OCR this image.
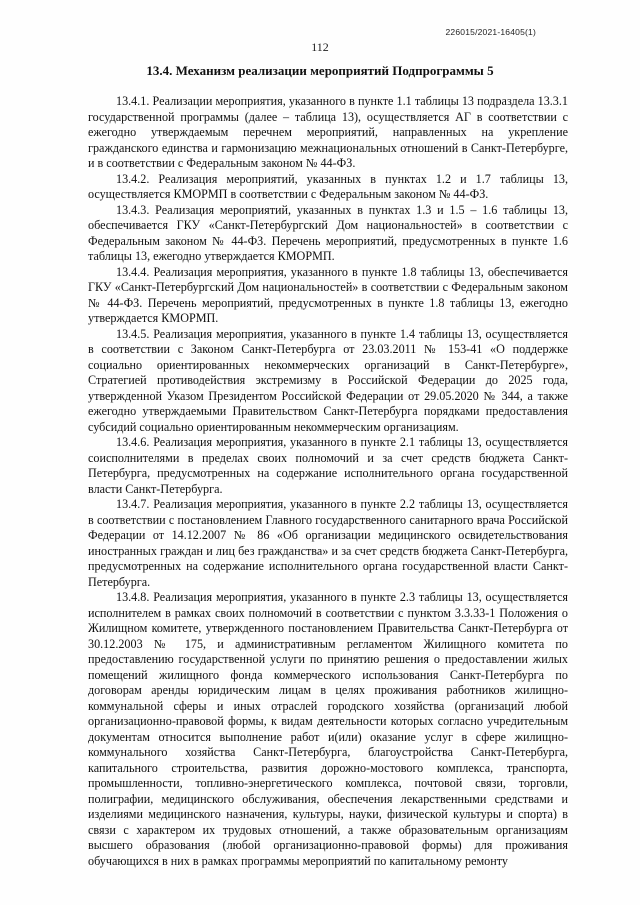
226015/2021-16405(1)
112
13.4. Механизм реализации мероприятий Подпрограммы 5

13.4.1. Реализации мероприятия, указанного в пункте 1.1 таблицы 13 подраздела 13.3.1 государственной программы (далее – таблица 13), осуществляется АГ в соответствии с ежегодно утверждаемым перечнем мероприятий, направленных на укрепление гражданского единства и гармонизацию межнациональных отношений в Санкт-Петербурге, и в соответствии с Федеральным законом № 44-ФЗ.

13.4.2. Реализация мероприятий, указанных в пунктах 1.2 и 1.7 таблицы 13, осуществляется КМОРМП в соответствии с Федеральным законом № 44-ФЗ.

13.4.3. Реализация мероприятий, указанных в пунктах 1.3 и 1.5 – 1.6 таблицы 13, обеспечивается ГКУ «Санкт-Петербургский Дом национальностей» в соответствии с Федеральным законом № 44-ФЗ. Перечень мероприятий, предусмотренных в пункте 1.6 таблицы 13, ежегодно утверждается КМОРМП.

13.4.4. Реализация мероприятия, указанного в пункте 1.8 таблицы 13, обеспечивается ГКУ «Санкт-Петербургский Дом национальностей» в соответствии с Федеральным законом № 44-ФЗ. Перечень мероприятий, предусмотренных в пункте 1.8 таблицы 13, ежегодно утверждается КМОРМП.

13.4.5. Реализация мероприятия, указанного в пункте 1.4 таблицы 13, осуществляется в соответствии с Законом Санкт-Петербурга от 23.03.2011 № 153-41 «О поддержке социально ориентированных некоммерческих организаций в Санкт-Петербурге», Стратегией противодействия экстремизму в Российской Федерации до 2025 года, утвержденной Указом Президентом Российской Федерации от 29.05.2020 № 344, а также ежегодно утверждаемыми Правительством Санкт-Петербурга порядками предоставления субсидий социально ориентированным некоммерческим организациям.

13.4.6. Реализация мероприятия, указанного в пункте 2.1 таблицы 13, осуществляется соисполнителями в пределах своих полномочий и за счет средств бюджета Санкт-Петербурга, предусмотренных на содержание исполнительного органа государственной власти Санкт-Петербурга.

13.4.7. Реализация мероприятия, указанного в пункте 2.2 таблицы 13, осуществляется в соответствии с постановлением Главного государственного санитарного врача Российской Федерации от 14.12.2007 № 86 «Об организации медицинского освидетельствования иностранных граждан и лиц без гражданства» и за счет средств бюджета Санкт-Петербурга, предусмотренных на содержание исполнительного органа государственной власти Санкт-Петербурга.

13.4.8. Реализация мероприятия, указанного в пункте 2.3 таблицы 13, осуществляется исполнителем в рамках своих полномочий в соответствии с пунктом 3.3.33-1 Положения о Жилищном комитете, утвержденного постановлением Правительства Санкт-Петербурга от 30.12.2003 № 175, и административным регламентом Жилищного комитета по предоставлению государственной услуги по принятию решения о предоставлении жилых помещений жилищного фонда коммерческого использования Санкт-Петербурга по договорам аренды юридическим лицам в целях проживания работников жилищно-коммунальной сферы и иных отраслей городского хозяйства (организаций любой организационно-правовой формы, к видам деятельности которых согласно учредительным документам относится выполнение работ и(или) оказание услуг в сфере жилищно-коммунального хозяйства Санкт-Петербурга, благоустройства Санкт-Петербурга, капитального строительства, развития дорожно-мостового комплекса, транспорта, промышленности, топливно-энергетического комплекса, почтовой связи, торговли, полиграфии, медицинского обслуживания, обеспечения лекарственными средствами и изделиями медицинского назначения, культуры, науки, физической культуры и спорта) в связи с характером их трудовых отношений, а также образовательным организациям высшего образования (любой организационно-правовой формы) для проживания обучающихся в них в рамках программы мероприятий по капитальному ремонту
